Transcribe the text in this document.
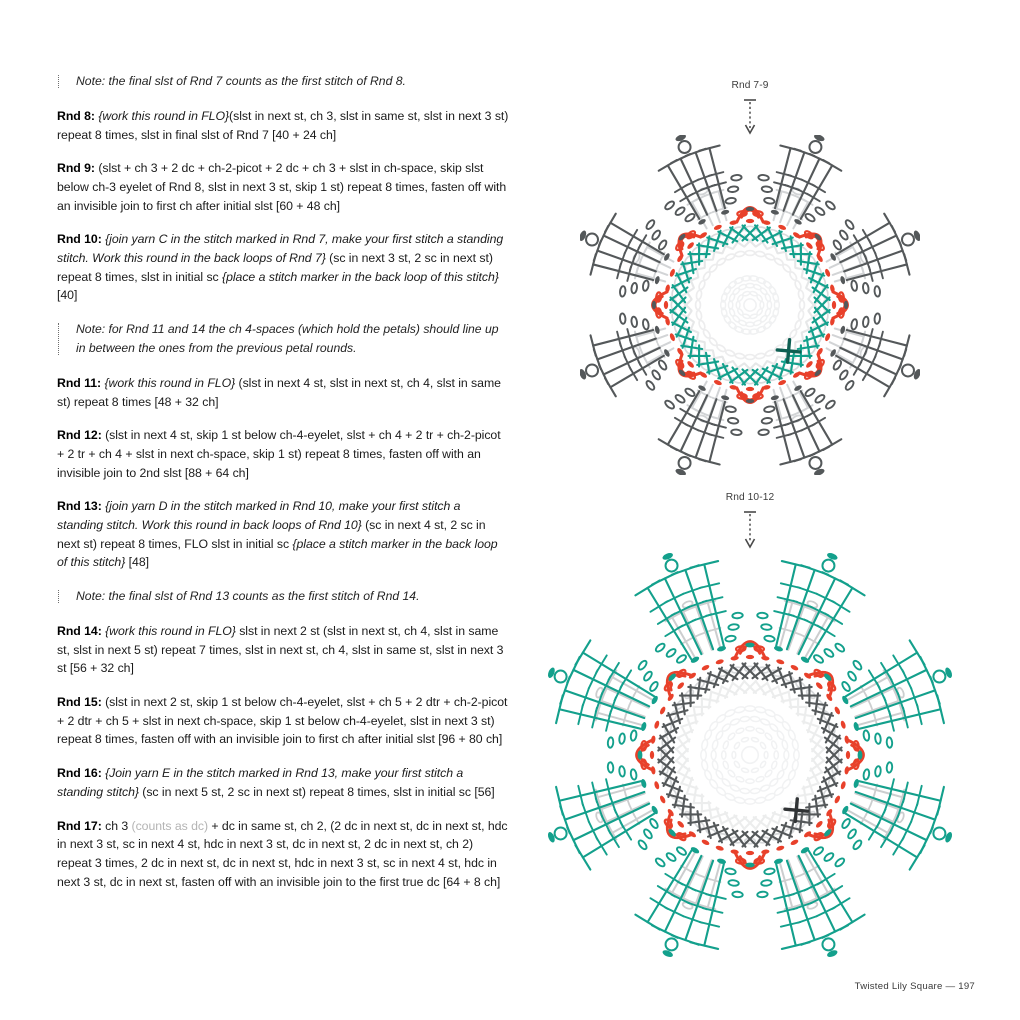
Note: the final slst of Rnd 7 counts as the first stitch of Rnd 8.
Rnd 8: {work this round in FLO}(slst in next st, ch 3, slst in same st, slst in next 3 st) repeat 8 times, slst in final slst of Rnd 7 [40 + 24 ch]
Rnd 9: (slst + ch 3 + 2 dc + ch-2-picot + 2 dc + ch 3 + slst in ch-space, skip slst below ch-3 eyelet of Rnd 8, slst in next 3 st, skip 1 st) repeat 8 times, fasten off with an invisible join to first ch after initial slst [60 + 48 ch]
Rnd 10: {join yarn C in the stitch marked in Rnd 7, make your first stitch a standing stitch. Work this round in the back loops of Rnd 7} (sc in next 3 st, 2 sc in next st) repeat 8 times, slst in initial sc {place a stitch marker in the back loop of this stitch} [40]
Note: for Rnd 11 and 14 the ch 4-spaces (which hold the petals) should line up in between the ones from the previous petal rounds.
Rnd 11: {work this round in FLO} (slst in next 4 st, slst in next st, ch 4, slst in same st) repeat 8 times [48 + 32 ch]
Rnd 12: (slst in next 4 st, skip 1 st below ch-4-eyelet, slst + ch 4 + 2 tr + ch-2-picot + 2 tr + ch 4 + slst in next ch-space, skip 1 st) repeat 8 times, fasten off with an invisible join to 2nd slst [88 + 64 ch]
Rnd 13: {join yarn D in the stitch marked in Rnd 10, make your first stitch a standing stitch. Work this round in back loops of Rnd 10} (sc in next 4 st, 2 sc in next st) repeat 8 times, FLO slst in initial sc {place a stitch marker in the back loop of this stitch} [48]
Note: the final slst of Rnd 13 counts as the first stitch of Rnd 14.
Rnd 14: {work this round in FLO} slst in next 2 st (slst in next st, ch 4, slst in same st, slst in next 5 st) repeat 7 times, slst in next st, ch 4, slst in same st, slst in next 3 st [56 + 32 ch]
Rnd 15: (slst in next 2 st, skip 1 st below ch-4-eyelet, slst + ch 5 + 2 dtr + ch-2-picot + 2 dtr + ch 5 + slst in next ch-space, skip 1 st below ch-4-eyelet, slst in next 3 st) repeat 8 times, fasten off with an invisible join to first ch after initial slst [96 + 80 ch]
Rnd 16: {Join yarn E in the stitch marked in Rnd 13, make your first stitch a standing stitch} (sc in next 5 st, 2 sc in next st) repeat 8 times, slst in initial sc [56]
Rnd 17: ch 3 (counts as dc) + dc in same st, ch 2, (2 dc in next st, dc in next st, hdc in next 3 st, sc in next 4 st, hdc in next 3 st, dc in next st, 2 dc in next st, ch 2) repeat 3 times, 2 dc in next st, dc in next st, hdc in next 3 st, sc in next 4 st, hdc in next 3 st, dc in next st, fasten off with an invisible join to the first true dc [64 + 8 ch]
Rnd 7-9
Rnd 10-12
Twisted Lily Square — 197
